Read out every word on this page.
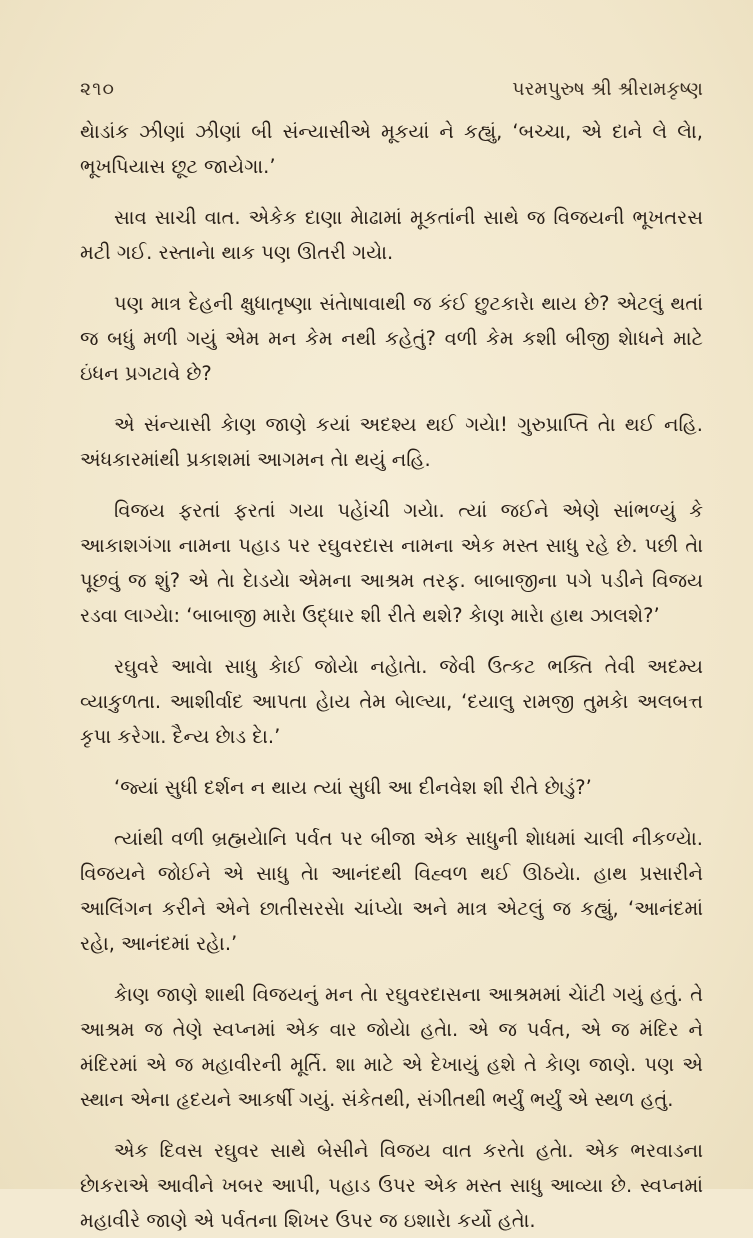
૨૧૦	પરમપુરુષ શ્રી શ્રીરામકૃષ્ણ

થેાડાંક ઝીણાં ઝીણાં બી સંન્યાસીએ મૂકયાં ને કહ્યું, ‘બચ્ચા, એ દાને લે લેા, ભૂખપિયાસ છૂટ જાયેગા.’

સાવ સાચી વાત. એકેક દાણા મેાઢામાં મૂકતાંની સાથે જ વિજયની ભૂખતરસ મટી ગઈ. રસ્તાનેા થાક પણ ઊતરી ગયેા.

પણ માત્ર દેહની ક્ષુધાતૃષ્ણા સંતેાષાવાથી જ કંઈ છુટકારેા થાય છે? એટલું થતાં જ બધું મળી ગયું એમ મન કેમ નથી કહેતું? વળી કેમ કશી બીજી શેાધને માટે ઇંધન પ્રગટાવે છે?

એ સંન્યાસી કેાણ જાણે કયાં અદશ્ય થઈ ગયેા! ગુરુપ્રાપ્તિ તેા થઈ નહિ. અંધકારમાંથી પ્રકાશમાં આગમન તેા થયું નહિ.

વિજય ફરતાં ફરતાં ગયા પહેાંચી ગયેા. ત્યાં જઈને એણે સાંભળ્યું કે આકાશગંગા નામના પહાડ પર રઘુવરદાસ નામના એક મસ્ત સાધુ રહે છે. પછી તેા પૂછવું જ શું? એ તેા દેાડયેા એમના આશ્રમ તરફ. બાબાજીના પગે પડીને વિજય રડવા લાગ્યેા: ‘બાબાજી મારેા ઉદ્ધાર શી રીતે થશે? કેાણ મારેા હાથ ઝાલશે?’

રઘુવરે આવેા સાધુ કેાઈ જોયેા નહેાતેા. જેવી ઉત્કટ ભક્તિ તેવી અદમ્ય વ્યાકુળતા. આશીર્વાદ આપતા હેાય તેમ બેાલ્યા, ‘દયાલુ રામજી તુમકેા અલબત્ત કૃપા કરેગા. દૈન્ય છેાડ દેા.’

‘જ્યાં સુધી દર્શન ન થાય ત્યાં સુધી આ દીનવેશ શી રીતે છેાડું?’

ત્યાંથી વળી બ્રહ્મયેાનિ પર્વત પર બીજા એક સાધુની શેાધમાં ચાલી નીકળ્યેા. વિજયને જોઈને એ સાધુ તેા આનંદથી વિહ્વળ થઈ ઊઠયેા. હાથ પ્રસારીને આલિંગન કરીને એને છાતીસરસેા ચાંપ્યેા અને માત્ર એટલું જ કહ્યું, ‘આનંદમાં રહેા, આનંદમાં રહેા.’

કેાણ જાણે શાથી વિજયનું મન તેા રઘુવરદાસના આશ્રમમાં ચેાંટી ગયું હતું. તે આશ્રમ જ તેણે સ્વપ્નમાં એક વાર જોયેા હતેા. એ જ પર્વત, એ જ મંદિર ને મંદિરમાં એ જ મહાવીરની મૂર્તિ. શા માટે એ દેખાયું હશે તે કેાણ જાણે. પણ એ સ્થાન એના હૃદયને આકર્ષી ગયું. સંકેતથી, સંગીતથી ભર્યું ભર્યું એ સ્થળ હતું.

એક દિવસ રઘુવર સાથે બેસીને વિજય વાત કરતેા હતેા. એક ભરવાડના છેાકરાએ આવીને ખબર આપી, પહાડ ઉપર એક મસ્ત સાધુ આવ્યા છે. સ્વપ્નમાં મહાવીરે જાણે એ પર્વતના શિખર ઉપર જ ઇશારેા કર્યો હતેા.
